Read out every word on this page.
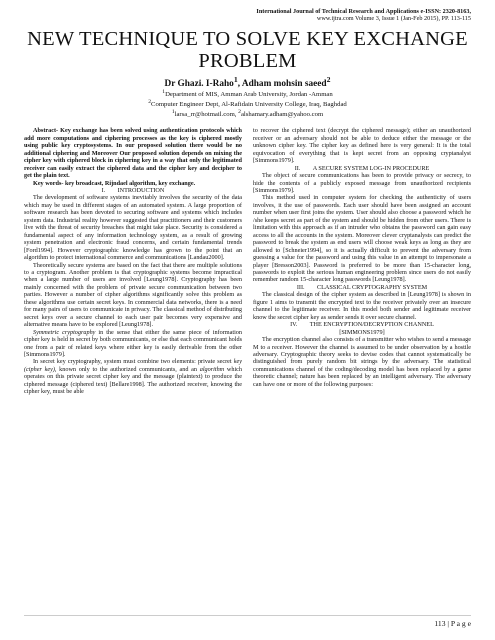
International Journal of Technical Research and Applications e-ISSN: 2320-8163,
www.ijtra.com Volume 3, Issue 1 (Jan-Feb 2015), PP. 113-115
NEW TECHNIQUE TO SOLVE KEY EXCHANGE
PROBLEM
Dr Ghazi. I-Raho$^1$, Adham mohsin saeed$^2$
$^1$Department of MIS, Amman Arab University, Jordan -Amman
$^2$Computer Engineer Dept, Al-Rafidain University College, Iraq, Baghdad
$^1$larsa_rr@hotmail.com, $^2$alshamary.adham@yahoo.com

Abstract- Key exchange has been solved using authentication protocols which add more computations and ciphering processes as the key is ciphered mostly using public key cryptosystems. In our proposed solution there would be no additional ciphering and Moreover Our proposed solution depends on mixing the cipher key with ciphered block in ciphering key in a way that only the legitimated receiver can easily extract the ciphered data and the cipher key and decipher to get the plain text.

Key words- key broadcast, Rijndael algorithm, key exchange.

I.  INTRODUCTION

The development of software systems inevitably involves the security of the data which may be used in different stages of an automated system. A large proportion of software research has been devoted to securing software and systems which includes system data. Industrial reality however suggested that practitioners and their customers live with the threat of security breaches that might take place. Security is considered a fundamental aspect of any information technology system, as a result of growing system penetration and electronic fraud concerns, and certain fundamental trends [Ford1994]. However cryptographic knowledge has grown to the point that an algorithm to protect international commerce and communications [Landau2000].

Theoretically secure systems are based on the fact that there are multiple solutions to a cryptogram. Another problem is that cryptographic systems become impractical when a large number of users are involved [Leung1978]. Cryptography has been mainly concerned with the problem of private secure communication between two parties. However a number of cipher algorithms significantly solve this problem as these algorithms use certain secret keys. In commercial data networks, there is a need for many pairs of users to communicate in privacy. The classical method of distributing secret keys over a secure channel to each user pair becomes very expensive and alternative means have to be explored [Leung1978].

Symmetric cryptography in the sense that either the same piece of information cipher key is held in secret by both communicants, or else that each communicant holds one from a pair of related keys where either key is easily derivable from the other [Simmons1979].

In secret key cryptography, system must combine two elements: private secret key (cipher key), known only to the authorized communicants, and an algorithm which operates on this private secret cipher key and the message (plaintext) to produce the ciphered message (ciphered text) [Bellare1998]. The authorized receiver, knowing the cipher key, must be able

to recover the ciphered text (decrypt the ciphered message); either an unauthorized receiver or an adversary should not be able to deduce either the message or the unknown cipher key. The cipher key as defined here is very general: It is the total equivocation of everything that is kept secret from an opposing cryptanalyst [Simmons1979].

II.  A SECURE SYSTEM LOG-IN PROCEDURE

The object of secure communications has been to provide privacy or secrecy, to hide the contents of a publicly exposed message from unauthorized recipients [Simmons1979].

This method used in computer system for checking the authenticity of users involves, it the use of passwords. Each user should have been assigned an account number when user first joins the system. User should also choose a password which he /she keeps secret as part of the system and should be hidden from other users. There is limitation with this approach as if an intruder who obtains the password can gain easy access to all the accounts in the system. Moreover clever cryptanalysts can predict the password to break the system as end users will choose weak keys as long as they are allowed to [Schneier1994], so it is actually difficult to prevent the adversary from guessing a value for the password and using this value in an attempt to impersonate a player [Bresson2003]. Password is preferred to be more than 15-character long, passwords to exploit the serious human engineering problem since users do not easily remember random 15-character long passwords [Leung1978].

III.  CLASSICAL CRYPTOGRAPHY SYSTEM

The classical design of the cipher system as described in [Leung1978] is shown in figure 1 aims to transmit the encrypted text to the receiver privately over an insecure channel to the legitimate receiver. In this model both sender and legitimate receiver know the secret cipher key as sender sends it over secure channel.

IV.  THE ENCRYPTION/DECRYPTION CHANNEL

[SIMMONS1979]

The encryption channel also consists of a transmitter who wishes to send a message M to a receiver. However the channel is assumed to be under observation by a hostile adversary. Cryptographic theory seeks to devise codes that cannot systematically be distinguished from purely random bit strings by the adversary. The statistical communications channel of the coding/decoding model has been replaced by a game theoretic channel; nature has been replaced by an intelligent adversary. The adversary can have one or more of the following purposes:

113 | P a g e
